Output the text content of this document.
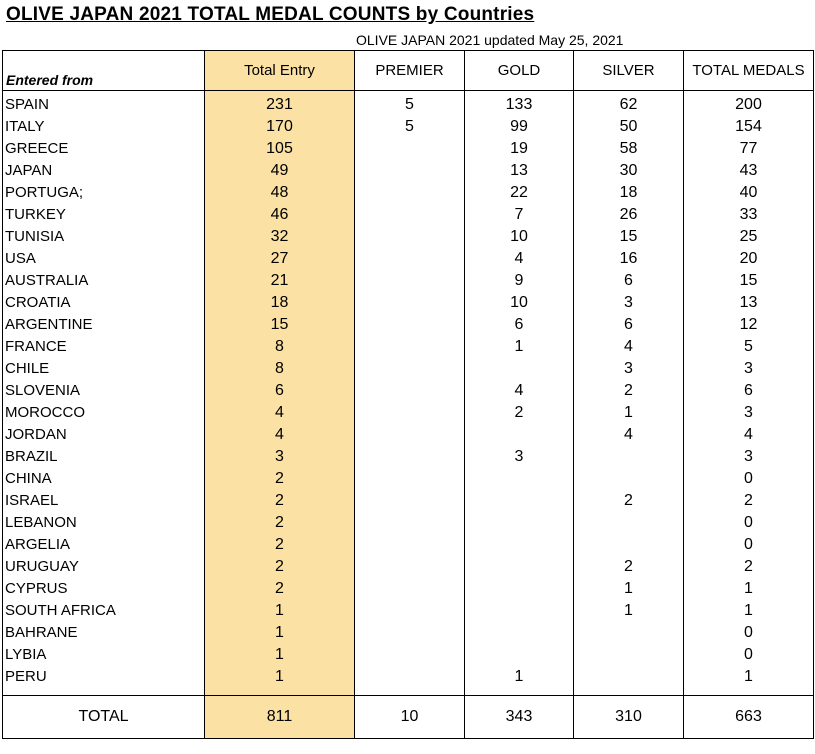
OLIVE JAPAN 2021 TOTAL MEDAL COUNTS by Countries
OLIVE JAPAN 2021 updated May 25, 2021
Entered from	Total Entry	PREMIER	GOLD	SILVER	TOTAL MEDALS
SPAIN	231	5	133	62	200
ITALY	170	5	99	50	154
GREECE	105		19	58	77
JAPAN	49		13	30	43
PORTUGA;	48		22	18	40
TURKEY	46		7	26	33
TUNISIA	32		10	15	25
USA	27		4	16	20
AUSTRALIA	21		9	6	15
CROATIA	18		10	3	13
ARGENTINE	15		6	6	12
FRANCE	8		1	4	5
CHILE	8			3	3
SLOVENIA	6		4	2	6
MOROCCO	4		2	1	3
JORDAN	4			4	4
BRAZIL	3		3		3
CHINA	2				0
ISRAEL	2			2	2
LEBANON	2				0
ARGELIA	2				0
URUGUAY	2			2	2
CYPRUS	2			1	1
SOUTH AFRICA	1			1	1
BAHRANE	1				0
LYBIA	1				0
PERU	1		1		1

TOTAL	811	10	343	310	663
